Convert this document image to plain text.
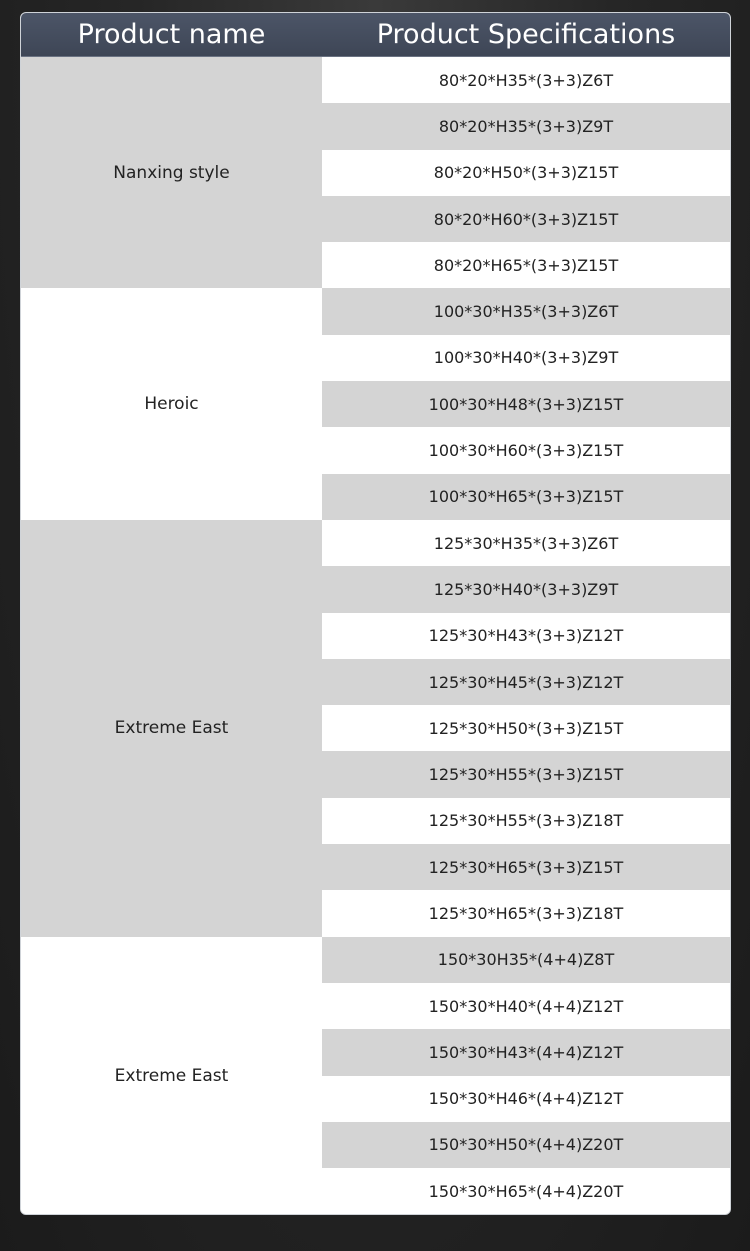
Product name	Product Specifications
Nanxing style
80*20*H35*(3+3)Z6T
80*20*H35*(3+3)Z9T
80*20*H50*(3+3)Z15T
80*20*H60*(3+3)Z15T
80*20*H65*(3+3)Z15T
Heroic
100*30*H35*(3+3)Z6T
100*30*H40*(3+3)Z9T
100*30*H48*(3+3)Z15T
100*30*H60*(3+3)Z15T
100*30*H65*(3+3)Z15T
Extreme East
125*30*H35*(3+3)Z6T
125*30*H40*(3+3)Z9T
125*30*H43*(3+3)Z12T
125*30*H45*(3+3)Z12T
125*30*H50*(3+3)Z15T
125*30*H55*(3+3)Z15T
125*30*H55*(3+3)Z18T
125*30*H65*(3+3)Z15T
125*30*H65*(3+3)Z18T
Extreme East
150*30H35*(4+4)Z8T
150*30*H40*(4+4)Z12T
150*30*H43*(4+4)Z12T
150*30*H46*(4+4)Z12T
150*30*H50*(4+4)Z20T
150*30*H65*(4+4)Z20T
